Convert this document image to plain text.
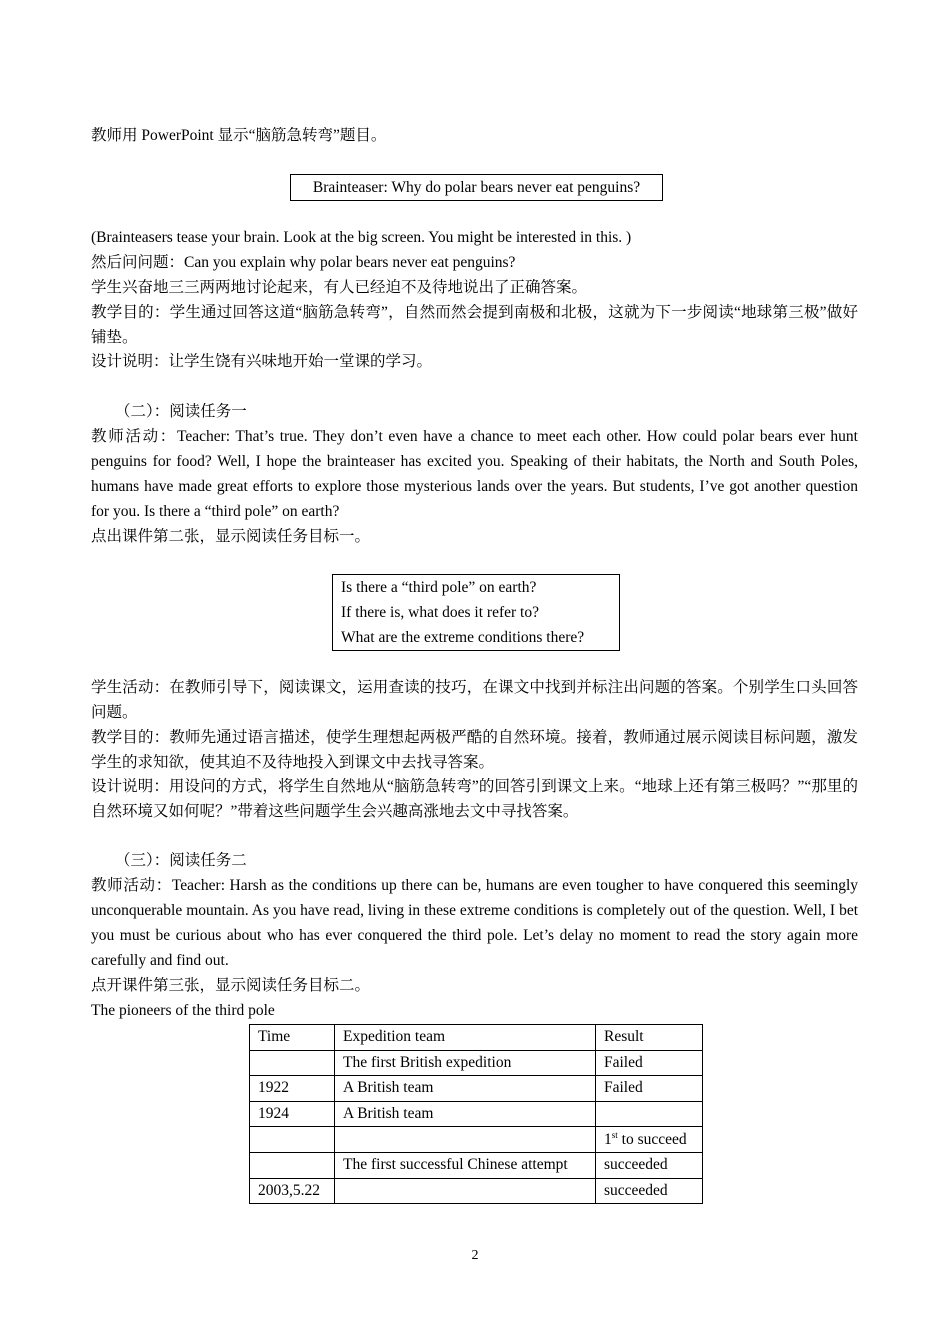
教师用 PowerPoint 显示“脑筋急转弯”题目。
Brainteaser: Why do polar bears never eat penguins?
(Brainteasers tease your brain. Look at the big screen. You might be interested in this. )
然后问问题：Can you explain why polar bears never eat penguins?
学生兴奋地三三两两地讨论起来，有人已经迫不及待地说出了正确答案。
教学目的：学生通过回答这道“脑筋急转弯”，自然而然会提到南极和北极，这就为下一步阅读“地球第三极”做好铺垫。
设计说明：让学生饶有兴味地开始一堂课的学习。
（二）：阅读任务一
教师活动：Teacher: That’s true. They don’t even have a chance to meet each other. How could polar bears ever hunt penguins for food? Well, I hope the brainteaser has excited you. Speaking of their habitats, the North and South Poles, humans have made great efforts to explore those mysterious lands over the years. But students, I’ve got another question for you. Is there a “third pole” on earth?
点出课件第二张，显示阅读任务目标一。
Is there a “third pole” on earth?
If there is, what does it refer to?
What are the extreme conditions there?
学生活动：在教师引导下，阅读课文，运用查读的技巧，在课文中找到并标注出问题的答案。个别学生口头回答问题。
教学目的：教师先通过语言描述，使学生理想起两极严酷的自然环境。接着，教师通过展示阅读目标问题，激发学生的求知欲，使其迫不及待地投入到课文中去找寻答案。
设计说明：用设问的方式，将学生自然地从“脑筋急转弯”的回答引到课文上来。“地球上还有第三极吗？”“那里的自然环境又如何呢？”带着这些问题学生会兴趣高涨地去文中寻找答案。
（三）：阅读任务二
教师活动：Teacher: Harsh as the conditions up there can be, humans are even tougher to have conquered this seemingly unconquerable mountain. As you have read, living in these extreme conditions is completely out of the question. Well, I bet you must be curious about who has ever conquered the third pole. Let’s delay no moment to read the story again more carefully and find out.
点开课件第三张，显示阅读任务目标二。
The pioneers of the third pole
Time	Expedition team	Result
	The first British expedition	Failed
1922	A British team	Failed
1924	A British team	
		1st to succeed
	The first successful Chinese attempt	succeeded
2003,5.22		succeeded
2
